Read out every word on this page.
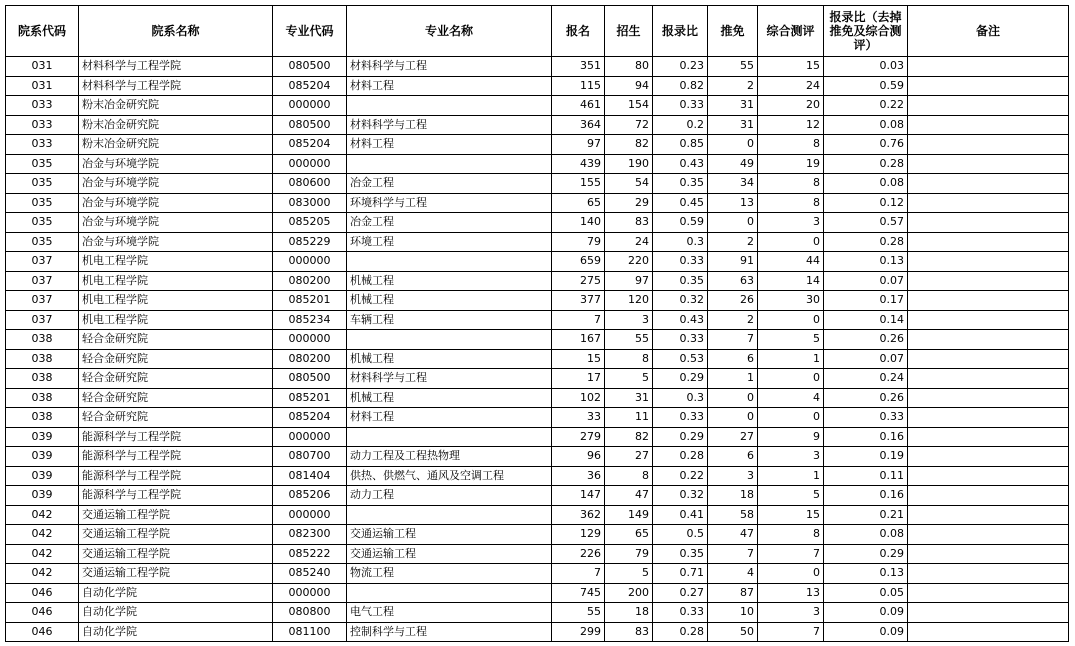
院系代码	院系名称	专业代码	专业名称	报名	招生	报录比	推免	综合测评	报录比（去掉推免及综合测评）	备注
031	材料科学与工程学院	080500	材料科学与工程	351	80	0.23	55	15	0.03	
031	材料科学与工程学院	085204	材料工程	115	94	0.82	2	24	0.59	
033	粉末冶金研究院	000000		461	154	0.33	31	20	0.22	
033	粉末冶金研究院	080500	材料科学与工程	364	72	0.2	31	12	0.08	
033	粉末冶金研究院	085204	材料工程	97	82	0.85	0	8	0.76	
035	冶金与环境学院	000000		439	190	0.43	49	19	0.28	
035	冶金与环境学院	080600	冶金工程	155	54	0.35	34	8	0.08	
035	冶金与环境学院	083000	环境科学与工程	65	29	0.45	13	8	0.12	
035	冶金与环境学院	085205	冶金工程	140	83	0.59	0	3	0.57	
035	冶金与环境学院	085229	环境工程	79	24	0.3	2	0	0.28	
037	机电工程学院	000000		659	220	0.33	91	44	0.13	
037	机电工程学院	080200	机械工程	275	97	0.35	63	14	0.07	
037	机电工程学院	085201	机械工程	377	120	0.32	26	30	0.17	
037	机电工程学院	085234	车辆工程	7	3	0.43	2	0	0.14	
038	轻合金研究院	000000		167	55	0.33	7	5	0.26	
038	轻合金研究院	080200	机械工程	15	8	0.53	6	1	0.07	
038	轻合金研究院	080500	材料科学与工程	17	5	0.29	1	0	0.24	
038	轻合金研究院	085201	机械工程	102	31	0.3	0	4	0.26	
038	轻合金研究院	085204	材料工程	33	11	0.33	0	0	0.33	
039	能源科学与工程学院	000000		279	82	0.29	27	9	0.16	
039	能源科学与工程学院	080700	动力工程及工程热物理	96	27	0.28	6	3	0.19	
039	能源科学与工程学院	081404	供热、供燃气、通风及空调工程	36	8	0.22	3	1	0.11	
039	能源科学与工程学院	085206	动力工程	147	47	0.32	18	5	0.16	
042	交通运输工程学院	000000		362	149	0.41	58	15	0.21	
042	交通运输工程学院	082300	交通运输工程	129	65	0.5	47	8	0.08	
042	交通运输工程学院	085222	交通运输工程	226	79	0.35	7	7	0.29	
042	交通运输工程学院	085240	物流工程	7	5	0.71	4	0	0.13	
046	自动化学院	000000		745	200	0.27	87	13	0.05	
046	自动化学院	080800	电气工程	55	18	0.33	10	3	0.09	
046	自动化学院	081100	控制科学与工程	299	83	0.28	50	7	0.09	
